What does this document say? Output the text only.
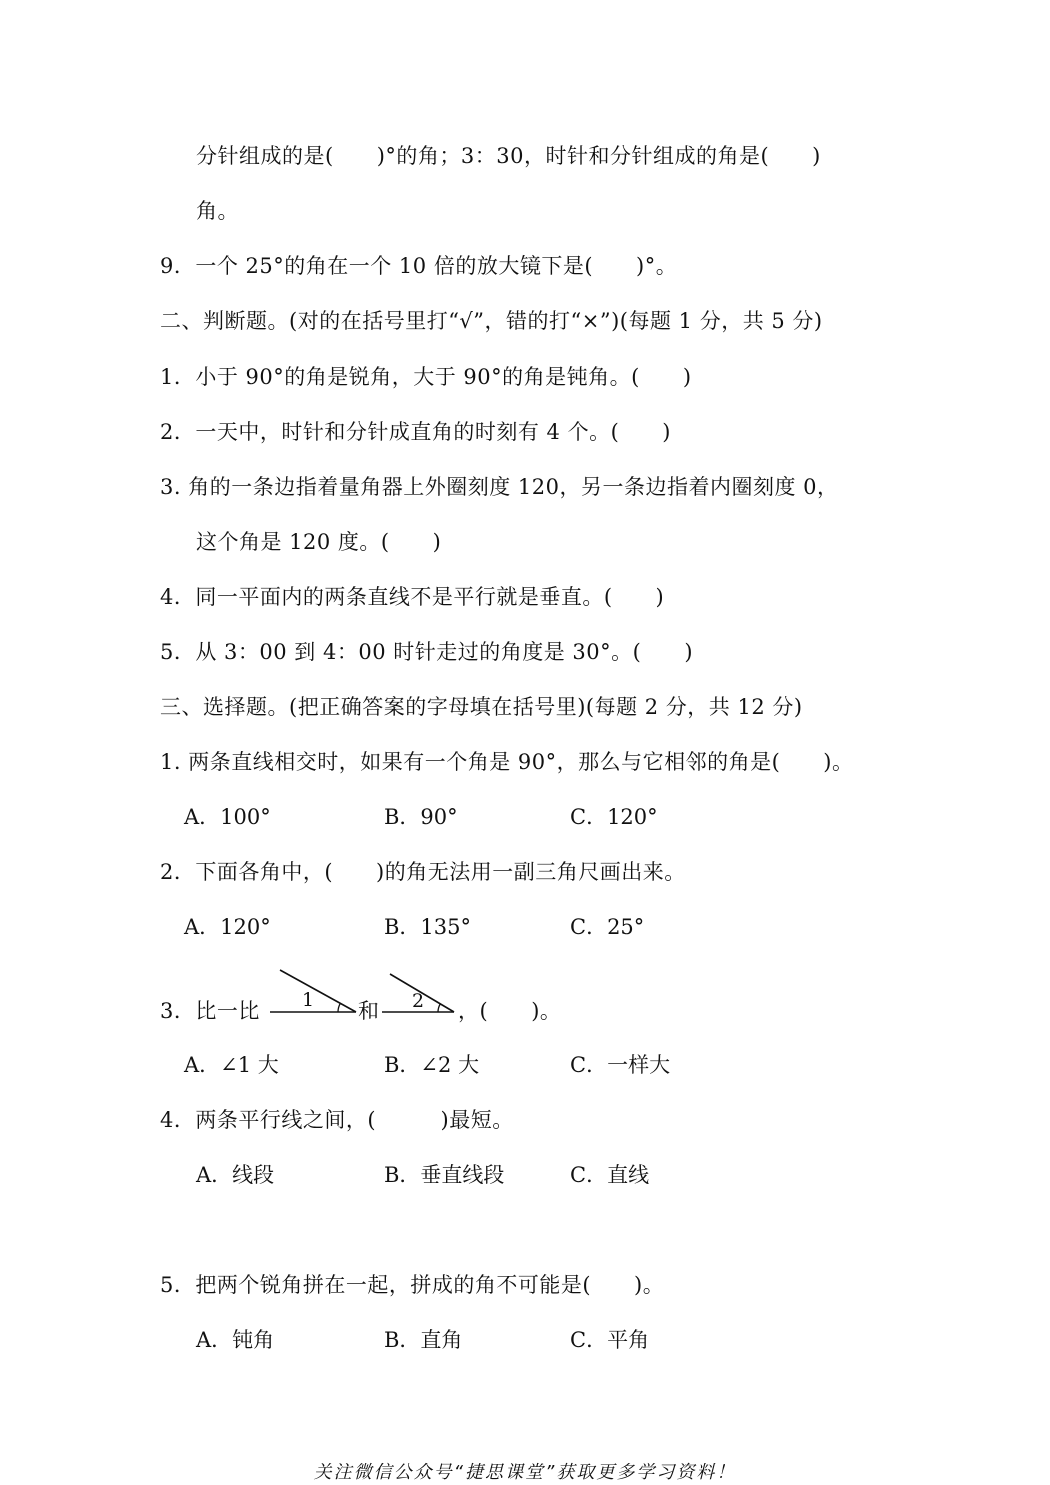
分针组成的是(　　)°的角；3：30，时针和分针组成的角是(　　)
角。
9．一个 25°的角在一个 10 倍的放大镜下是(　　)°。
二、判断题。(对的在括号里打“√”，错的打“×”)(每题 1 分，共 5 分)
1．小于 90°的角是锐角，大于 90°的角是钝角。(　　)
2．一天中，时针和分针成直角的时刻有 4 个。(　　)
3. 角的一条边指着量角器上外圈刻度 120，另一条边指着内圈刻度 0，
这个角是 120 度。(　　)
4．同一平面内的两条直线不是平行就是垂直。(　　)
5．从 3：00 到 4：00 时针走过的角度是 30°。(　　)
三、选择题。(把正确答案的字母填在括号里)(每题 2 分，共 12 分)
1. 两条直线相交时，如果有一个角是 90°，那么与它相邻的角是(　　)。
A．100°	B．90°	C．120°
2．下面各角中，(　　)的角无法用一副三角尺画出来。
A．120°	B．135°	C．25°
3．比一比 1 和 2 ，(　　)。
A．∠1 大	B．∠2 大	C．一样大
4．两条平行线之间，(　　　)最短。
A．线段	B．垂直线段	C．直线
5．把两个锐角拼在一起，拼成的角不可能是(　　)。
A．钝角	B．直角	C．平角
关注微信公众号“捷思课堂”获取更多学习资料！
